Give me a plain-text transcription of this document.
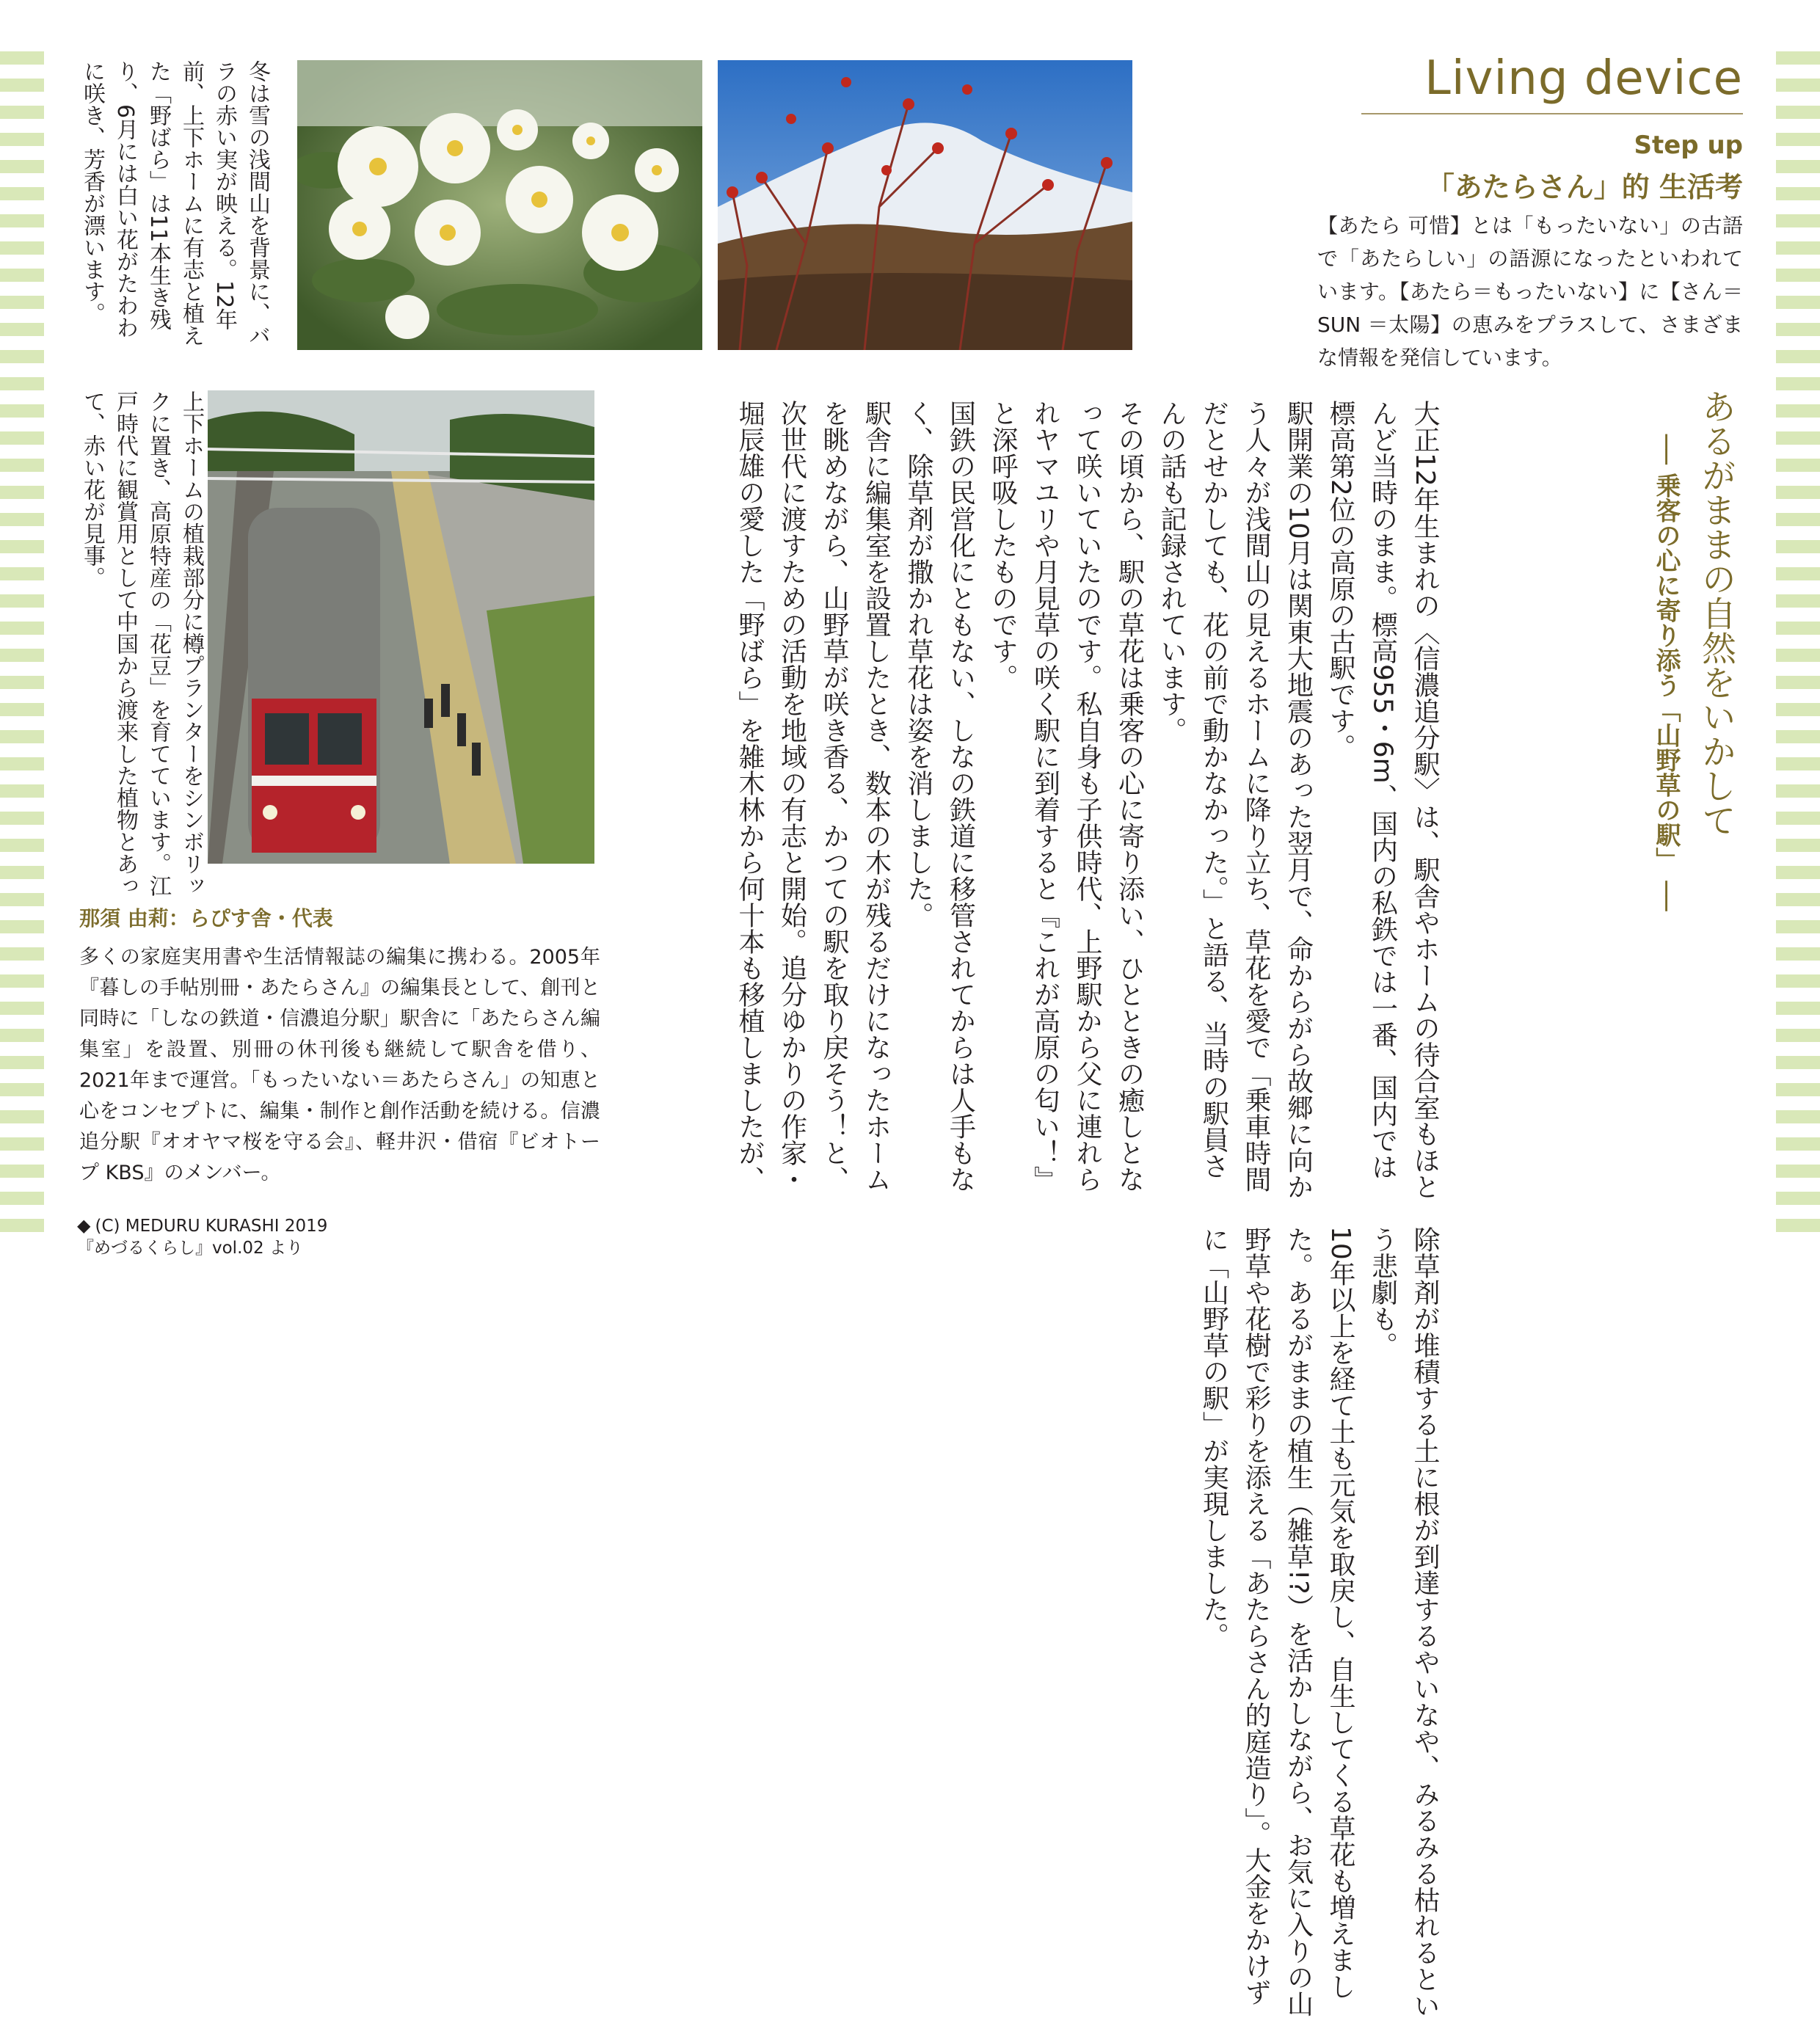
Living device
Step up
「あたらさん」的 生活考
【あたら 可惜】とは「もったいない」の古語で「あたらしい」の語源になったといわれています。【あたら＝もったいない】に【さん＝ SUN ＝太陽】の恵みをプラスして、さまざまな情報を発信しています。
冬は雪の浅間山を背景に、バラの赤い実が映える。12年前、上下ホームに有志と植えた「野ばら」は11本生き残り、6月には白い花がたわわに咲き、芳香が漂います。
上下ホームの植栽部分に樽プランターをシンボリックに置き、高原特産の「花豆」を育てています。江戸時代に観賞用として中国から渡来した植物とあって、赤い花が見事。	あるがままの自然をいかして
── 乗客の心に寄り添う「山野草の駅」 ──

大正12年生まれの〈信濃追分駅〉は、駅舎やホームの待合室もほとんど当時のまま。標高955・6m、国内の私鉄では一番、国内では標高第2位の高原の古駅です。

駅開業の10月は関東大地震のあった翌月で、命からがら故郷に向かう人々が浅間山の見えるホームに降り立ち、草花を愛で「乗車時間だとせかしても、花の前で動かなかった。」と語る、当時の駅員さんの話も記録されています。

その頃から、駅の草花は乗客の心に寄り添い、ひとときの癒しとなって咲いていたのです。私自身も子供時代、上野駅から父に連れられヤマユリや月見草の咲く駅に到着すると『これが高原の匂い！』と深呼吸したものです。

国鉄の民営化にともない、しなの鉄道に移管されてからは人手もなく、除草剤が撒かれ草花は姿を消しました。

駅舎に編集室を設置したとき、数本の木が残るだけになったホームを眺めながら、山野草が咲き香る、かつての駅を取り戻そう！と、次世代に渡すための活動を地域の有志と開始。追分ゆかりの作家・堀辰雄の愛した「野ばら」を雑木林から何十本も移植しましたが、除草剤が堆積する土に根が到達するやいなや、みるみる枯れるという悲劇も。

10年以上を経て土も元気を取戻し、自生してくる草花も増えました。あるがままの植生（雑草!?）を活かしながら、お気に入りの山野草や花樹で彩りを添える「あたらさん的庭造り」。大金をかけずに「山野草の駅」が実現しました。

那須 由莉：らぴす舎・代表
多くの家庭実用書や生活情報誌の編集に携わる。2005年『暮しの手帖別冊・あたらさん』の編集長として、創刊と同時に「しなの鉄道・信濃追分駅」駅舎に「あたらさん編集室」を設置、別冊の休刊後も継続して駅舎を借り、2021年まで運営。「もったいない＝あたらさん」の知恵と心をコンセプトに、編集・制作と創作活動を続ける。信濃追分駅『オオヤマ桜を守る会』、軽井沢・借宿『ビオトープ KBS』のメンバー。
◆ (C) MEDURU KURASHI 2019
『めづるくらし』vol.02 より
